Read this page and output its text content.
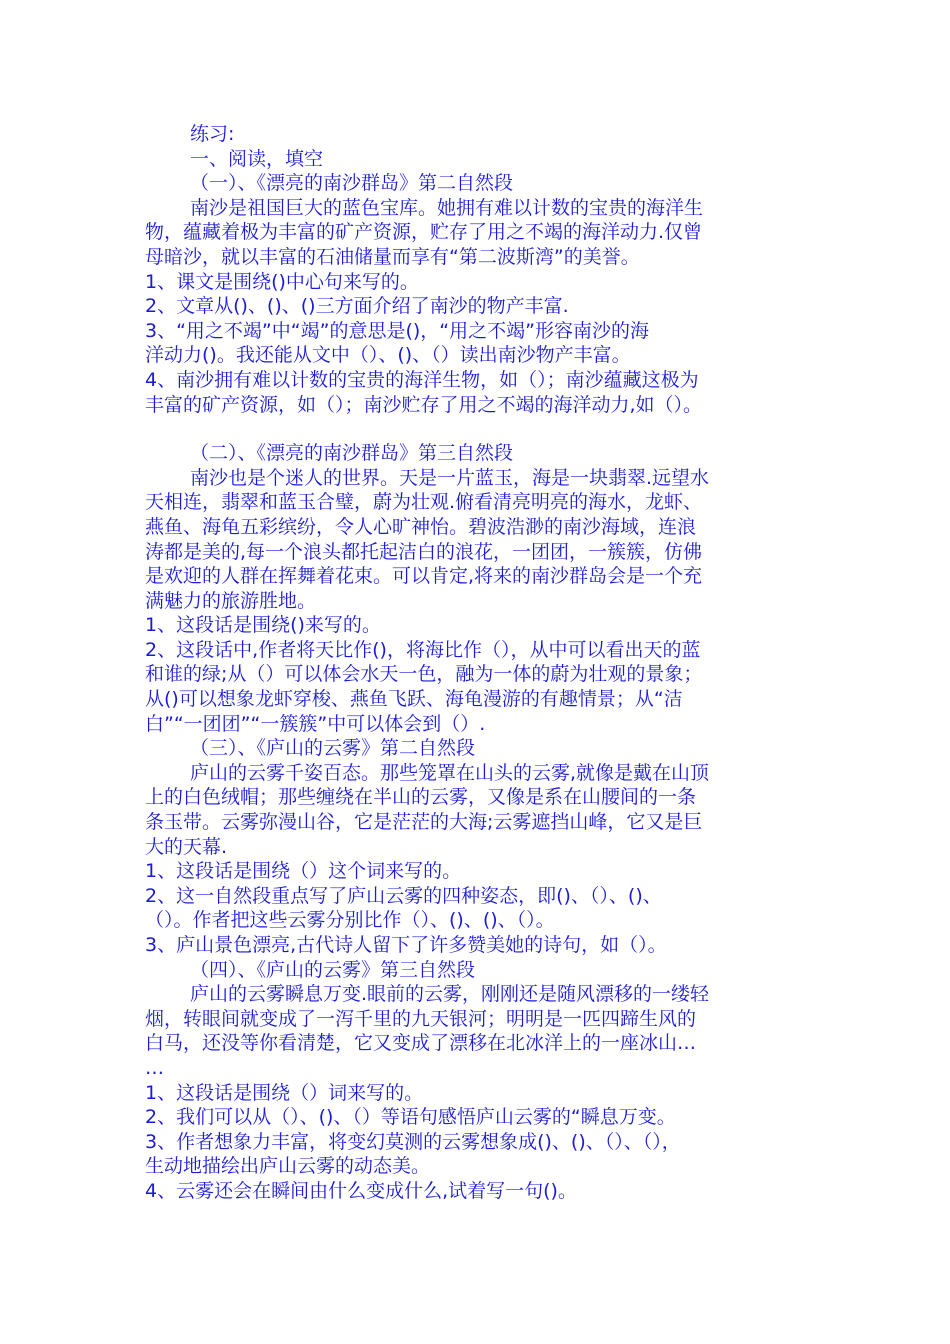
练习:
一、阅读，填空
（一）、《漂亮的南沙群岛》第二自然段
南沙是祖国巨大的蓝色宝库。她拥有难以计数的宝贵的海洋生
物，蕴藏着极为丰富的矿产资源，贮存了用之不竭的海洋动力.仅曾
母暗沙，就以丰富的石油储量而享有“第二波斯湾”的美誉。
1、课文是围绕()中心句来写的。
2、文章从()、()、()三方面介绍了南沙的物产丰富.
3、“用之不竭”中“竭”的意思是()，“用之不竭”形容南沙的海
洋动力()。我还能从文中（）、()、（）读出南沙物产丰富。
4、南沙拥有难以计数的宝贵的海洋生物，如（）；南沙蕴藏这极为
丰富的矿产资源，如（）；南沙贮存了用之不竭的海洋动力,如（）。
（二）、《漂亮的南沙群岛》第三自然段
南沙也是个迷人的世界。天是一片蓝玉，海是一块翡翠.远望水
天相连，翡翠和蓝玉合璧，蔚为壮观.俯看清亮明亮的海水，龙虾、
燕鱼、海龟五彩缤纷，令人心旷神怡。碧波浩渺的南沙海域，连浪
涛都是美的,每一个浪头都托起洁白的浪花，一团团，一簇簇，仿佛
是欢迎的人群在挥舞着花束。可以肯定,将来的南沙群岛会是一个充
满魅力的旅游胜地。
1、这段话是围绕()来写的。
2、这段话中,作者将天比作()，将海比作（），从中可以看出天的蓝
和谁的绿;从（）可以体会水天一色，融为一体的蔚为壮观的景象；
从()可以想象龙虾穿梭、燕鱼飞跃、海龟漫游的有趣情景；从“洁
白”“一团团”“一簇簇”中可以体会到（）.
（三）、《庐山的云雾》第二自然段
庐山的云雾千姿百态。那些笼罩在山头的云雾,就像是戴在山顶
上的白色绒帽；那些缠绕在半山的云雾，又像是系在山腰间的一条
条玉带。云雾弥漫山谷，它是茫茫的大海;云雾遮挡山峰，它又是巨
大的天幕.
1、这段话是围绕（）这个词来写的。
2、这一自然段重点写了庐山云雾的四种姿态，即()、（）、()、
（）。作者把这些云雾分别比作（）、()、()、（）。
3、庐山景色漂亮,古代诗人留下了许多赞美她的诗句，如（）。
（四）、《庐山的云雾》第三自然段
庐山的云雾瞬息万变.眼前的云雾，刚刚还是随风漂移的一缕轻
烟，转眼间就变成了一泻千里的九天银河；明明是一匹四蹄生风的
白马，还没等你看清楚，它又变成了漂移在北冰洋上的一座冰山…
…
1、这段话是围绕（）词来写的。
2、我们可以从（）、()、（）等语句感悟庐山云雾的“瞬息万变。
3、作者想象力丰富，将变幻莫测的云雾想象成()、()、（）、（），
生动地描绘出庐山云雾的动态美。
4、云雾还会在瞬间由什么变成什么,试着写一句()。
